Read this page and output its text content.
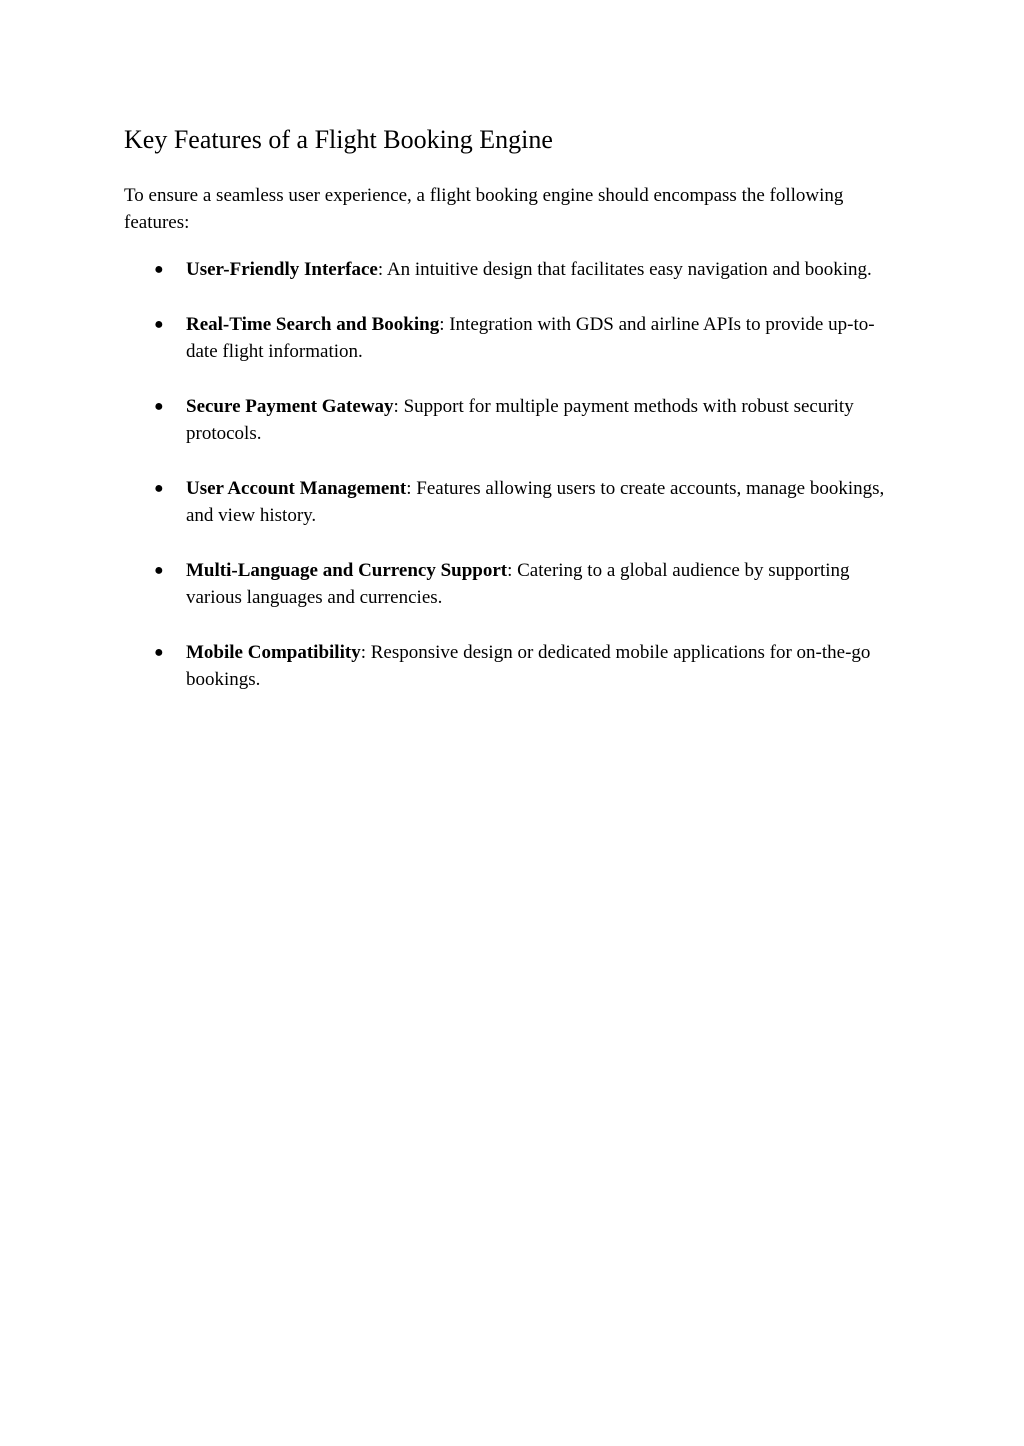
Key Features of a Flight Booking Engine

To ensure a seamless user experience, a flight booking engine should encompass the following features:

● User-Friendly Interface: An intuitive design that facilitates easy navigation and booking.
● Real-Time Search and Booking: Integration with GDS and airline APIs to provide up-to-date flight information.
● Secure Payment Gateway: Support for multiple payment methods with robust security protocols.
● User Account Management: Features allowing users to create accounts, manage bookings, and view history.
● Multi-Language and Currency Support: Catering to a global audience by supporting various languages and currencies.
● Mobile Compatibility: Responsive design or dedicated mobile applications for on-the-go bookings.
